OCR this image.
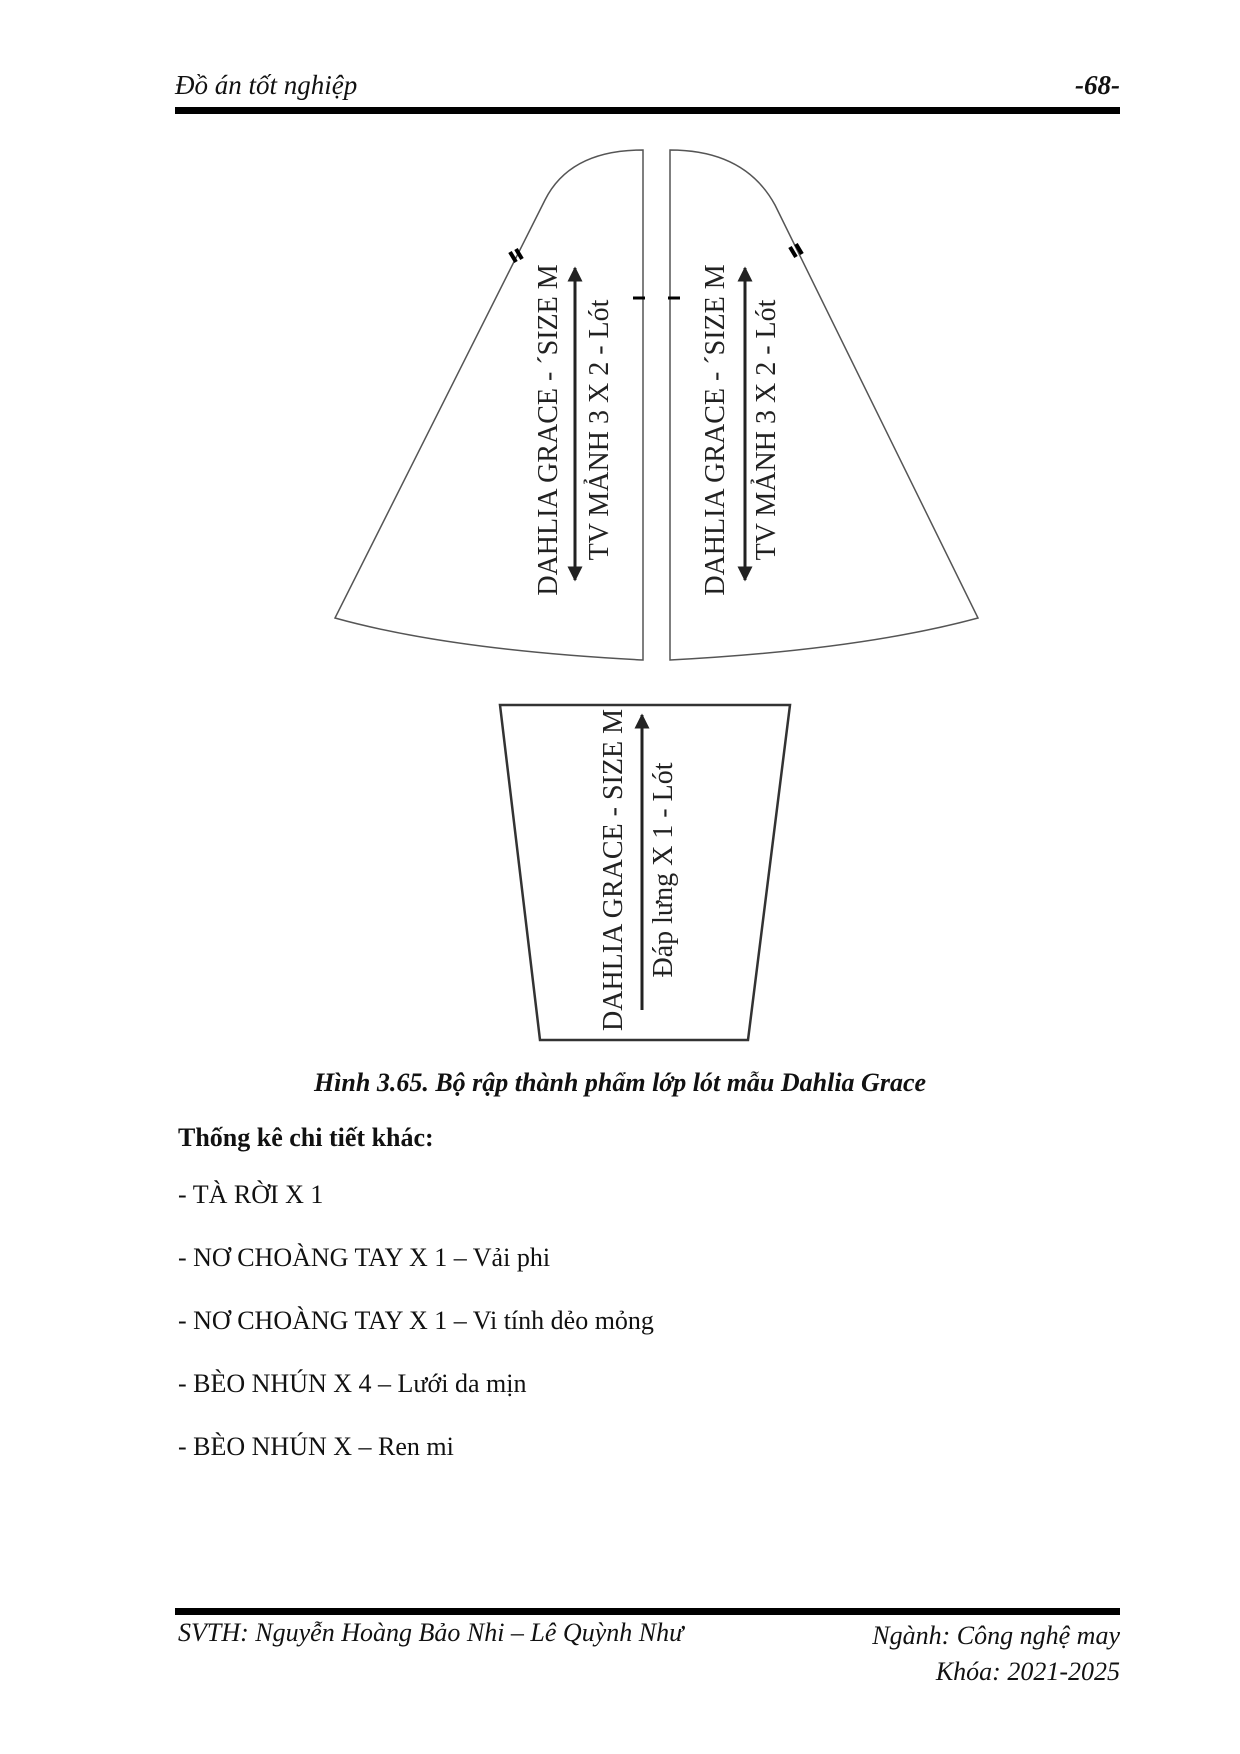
Đồ án tốt nghiệp	-68-
DAHLIA GRACE - ´SIZE M TV MẢNH 3 X 2 - Lót	DAHLIA GRACE - ´SIZE M TV MẢNH 3 X 2 - Lót
DAHLIA GRACE - SIZE M Đáp lưng X 1 - Lót
Hình 3.65. Bộ rập thành phẩm lớp lót mẫu Dahlia Grace
Thống kê chi tiết khác:
- TÀ RỜI X 1
- NƠ CHOÀNG TAY X 1 – Vải phi
- NƠ CHOÀNG TAY X 1 – Vi tính dẻo mỏng
- BÈO NHÚN X 4 – Lưới da mịn
- BÈO NHÚN X – Ren mi
SVTH: Nguyễn Hoàng Bảo Nhi – Lê Quỳnh Như	Ngành: Công nghệ may
Khóa: 2021-2025
